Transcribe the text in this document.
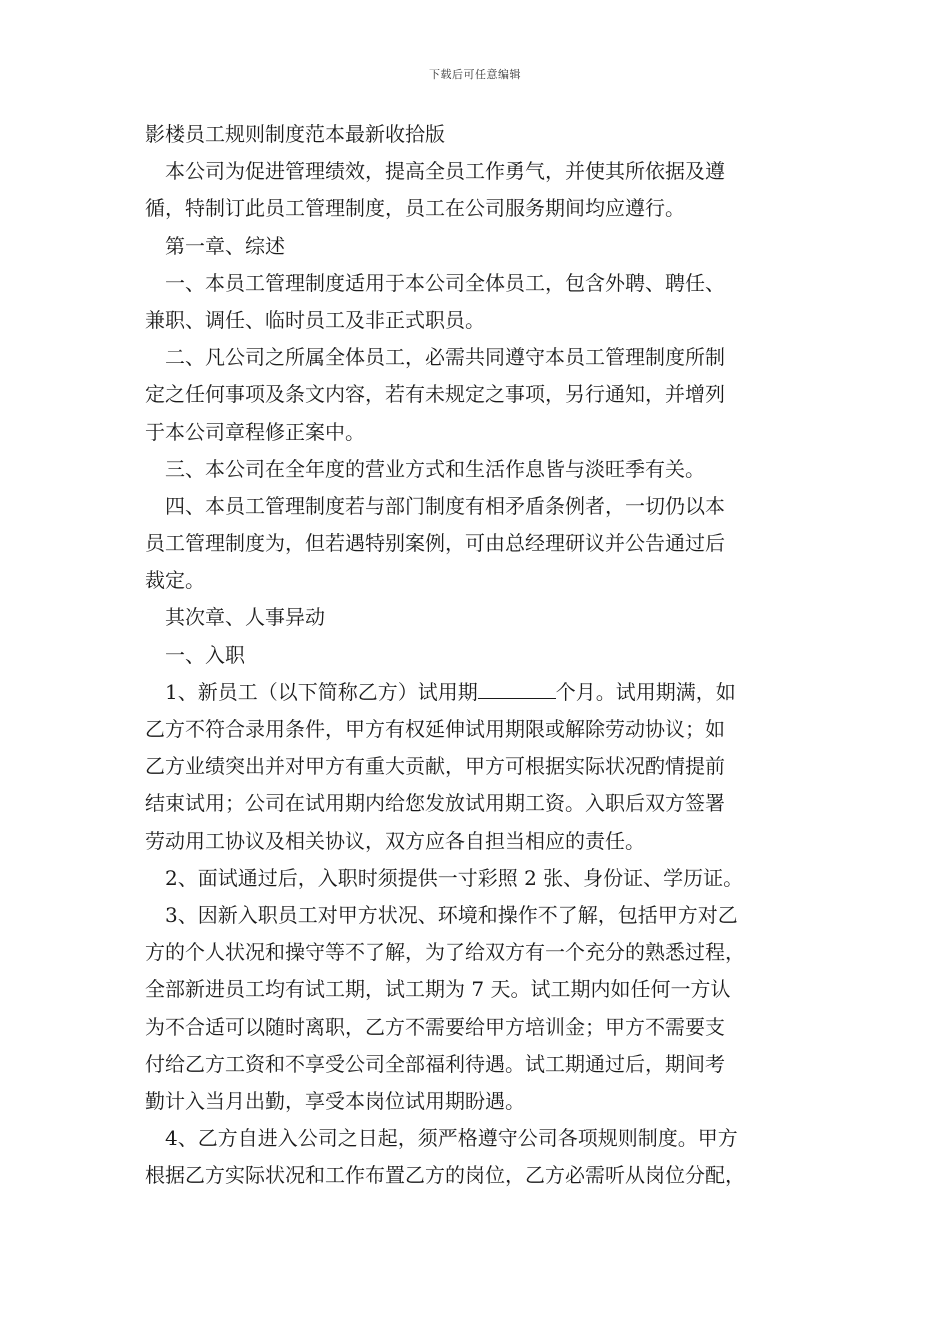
下载后可任意编辑
影楼员工规则制度范本最新收拾版
本公司为促进管理绩效，提高全员工作勇气，并使其所依据及遵
循，特制订此员工管理制度，员工在公司服务期间均应遵行。
第一章、综述
一、本员工管理制度适用于本公司全体员工，包含外聘、聘任、
兼职、调任、临时员工及非正式职员。
二、凡公司之所属全体员工，必需共同遵守本员工管理制度所制
定之任何事项及条文内容，若有未规定之事项，另行通知，并增列
于本公司章程修正案中。
三、本公司在全年度的营业方式和生活作息皆与淡旺季有关。
四、本员工管理制度若与部门制度有相矛盾条例者，一切仍以本
员工管理制度为，但若遇特别案例，可由总经理研议并公告通过后
裁定。
其次章、人事异动
一、入职
1、新员工（以下简称乙方）试用期	个月。试用期满，如
乙方不符合录用条件，甲方有权延伸试用期限或解除劳动协议；如
乙方业绩突出并对甲方有重大贡献，甲方可根据实际状况酌情提前
结束试用；公司在试用期内给您发放试用期工资。入职后双方签署
劳动用工协议及相关协议，双方应各自担当相应的责任。
2、面试通过后，入职时须提供一寸彩照 2 张、身份证、学历证。
3、因新入职员工对甲方状况、环境和操作不了解，包括甲方对乙
方的个人状况和操守等不了解，为了给双方有一个充分的熟悉过程，
全部新进员工均有试工期，试工期为 7 天。试工期内如任何一方认
为不合适可以随时离职，乙方不需要给甲方培训金；甲方不需要支
付给乙方工资和不享受公司全部福利待遇。试工期通过后，期间考
勤计入当月出勤，享受本岗位试用期盼遇。
4、乙方自进入公司之日起，须严格遵守公司各项规则制度。甲方
根据乙方实际状况和工作布置乙方的岗位，乙方必需听从岗位分配，
